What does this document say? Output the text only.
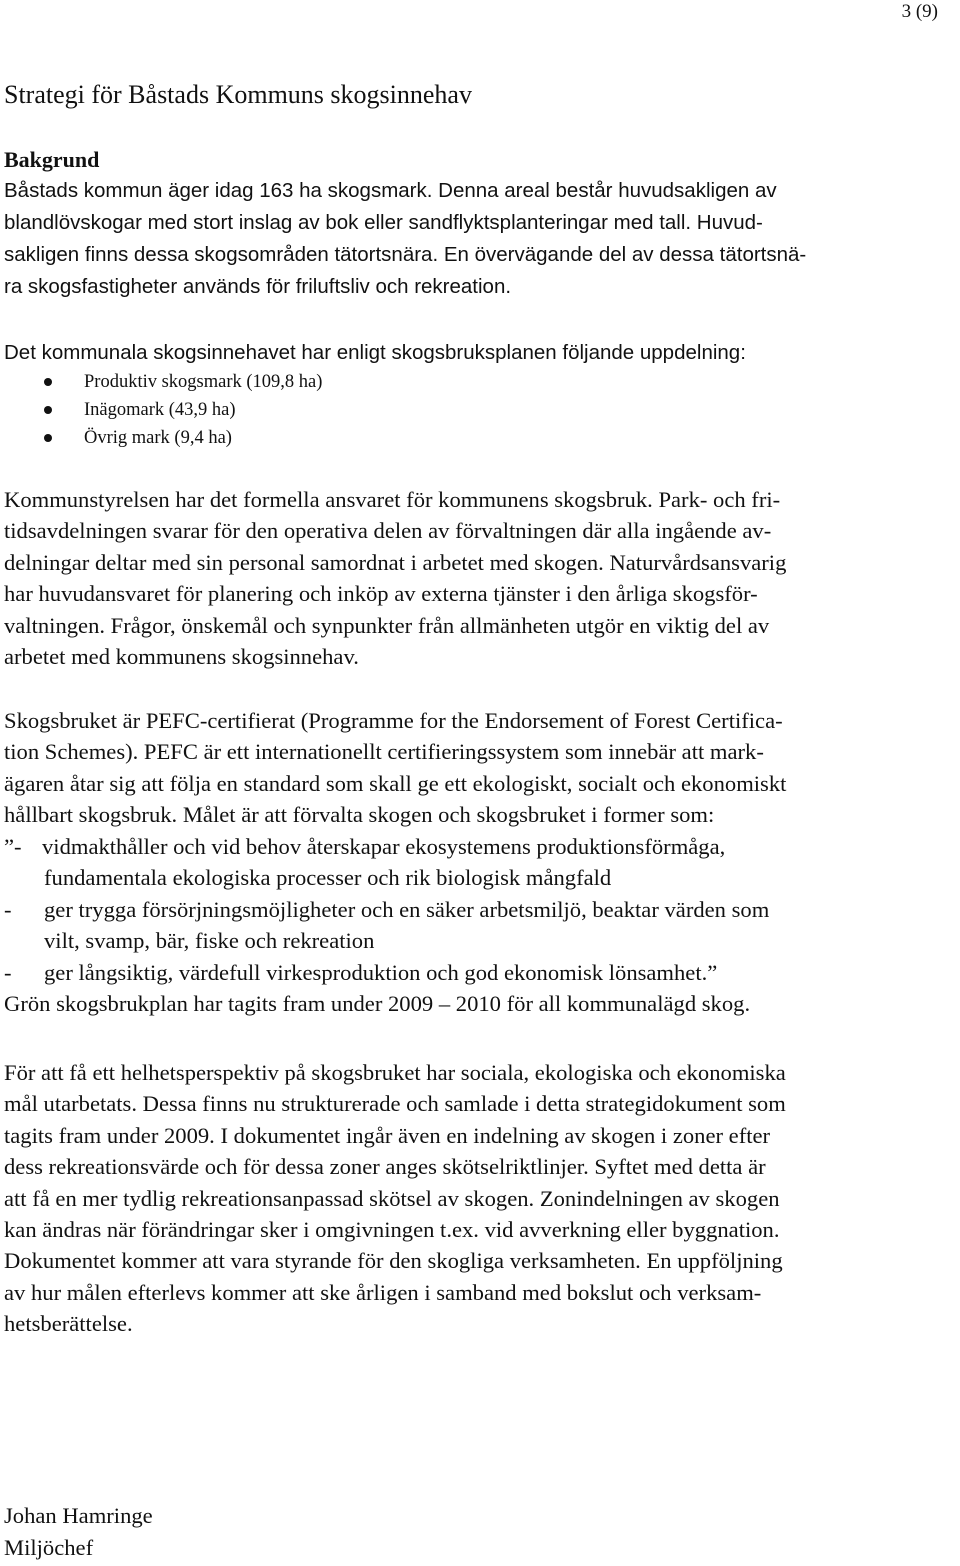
3 (9)
Strategi för Båstads Kommuns skogsinnehav
Bakgrund

Båstads kommun äger idag 163 ha skogsmark. Denna areal består huvudsakligen av
blandlövskogar med stort inslag av bok eller sandflyktsplanteringar med tall. Huvud-
sakligen finns dessa skogsområden tätortsnära. En övervägande del av dessa tätortsnä-
ra skogsfastigheter används för friluftsliv och rekreation.

Det kommunala skogsinnehavet har enligt skogsbruksplanen följande uppdelning:

Produktiv skogsmark (109,8 ha)
Inägomark (43,9 ha)
Övrig mark (9,4 ha)

Kommunstyrelsen har det formella ansvaret för kommunens skogsbruk. Park- och fri-
tidsavdelningen svarar för den operativa delen av förvaltningen där alla ingående av-
delningar deltar med sin personal samordnat i arbetet med skogen. Naturvårdsansvarig
har huvudansvaret för planering och inköp av externa tjänster i den årliga skogsför-
valtningen. Frågor, önskemål och synpunkter från allmänheten utgör en viktig del av
arbetet med kommunens skogsinnehav.

Skogsbruket är PEFC-certifierat (Programme for the Endorsement of Forest Certifica-
tion Schemes). PEFC är ett internationellt certifieringssystem som innebär att mark-
ägaren åtar sig att följa en standard som skall ge ett ekologiskt, socialt och ekonomiskt
hållbart skogsbruk. Målet är att förvalta skogen och skogsbruket i former som:

”- vidmakthåller och vid behov återskapar ekosystemens produktionsförmåga,
fundamentala ekologiska processer och rik biologisk mångfald
-	ger trygga försörjningsmöjligheter och en säker arbetsmiljö, beaktar värden som
vilt, svamp, bär, fiske och rekreation
-	ger långsiktig, värdefull virkesproduktion och god ekonomisk lönsamhet.”

Grön skogsbrukplan har tagits fram under 2009 – 2010 för all kommunalägd skog.

För att få ett helhetsperspektiv på skogsbruket har sociala, ekologiska och ekonomiska
mål utarbetats. Dessa finns nu strukturerade och samlade i detta strategidokument som
tagits fram under 2009. I dokumentet ingår även en indelning av skogen i zoner efter
dess rekreationsvärde och för dessa zoner anges skötselriktlinjer. Syftet med detta är
att få en mer tydlig rekreationsanpassad skötsel av skogen. Zonindelningen av skogen
kan ändras när förändringar sker i omgivningen t.ex. vid avverkning eller byggnation.
Dokumentet kommer att vara styrande för den skogliga verksamheten. En uppföljning
av hur målen efterlevs kommer att ske årligen i samband med bokslut och verksam-
hetsberättelse.

Johan Hamringe
Miljöchef
